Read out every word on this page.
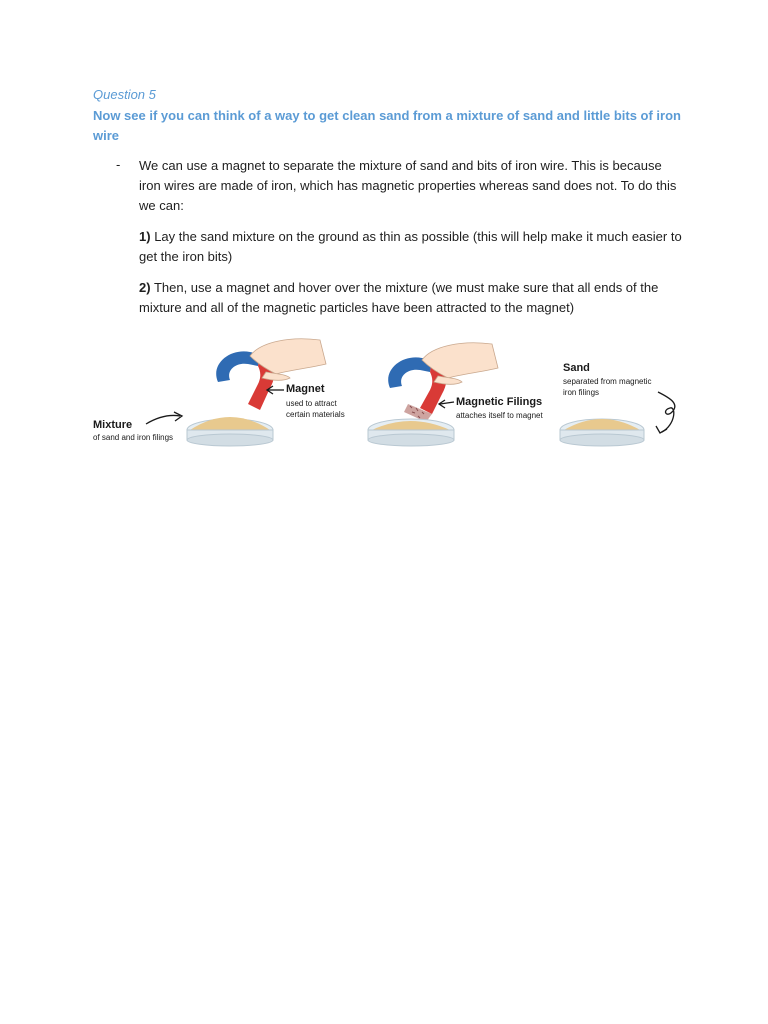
Question 5
Now see if you can think of a way to get clean sand from a mixture of sand and little bits of iron wire
- We can use a magnet to separate the mixture of sand and bits of iron wire. This is because iron wires are made of iron, which has magnetic properties whereas sand does not. To do this we can:
1) Lay the sand mixture on the ground as thin as possible (this will help make it much easier to get the iron bits)
2) Then, use a magnet and hover over the mixture (we must make sure that all ends of the mixture and all of the magnetic particles have been attracted to the magnet)
Mixture
of sand and iron filings
Magnet
used to attract
certain materials
Magnetic Filings
attaches itself to magnet
Sand
separated from magnetic
iron filings
